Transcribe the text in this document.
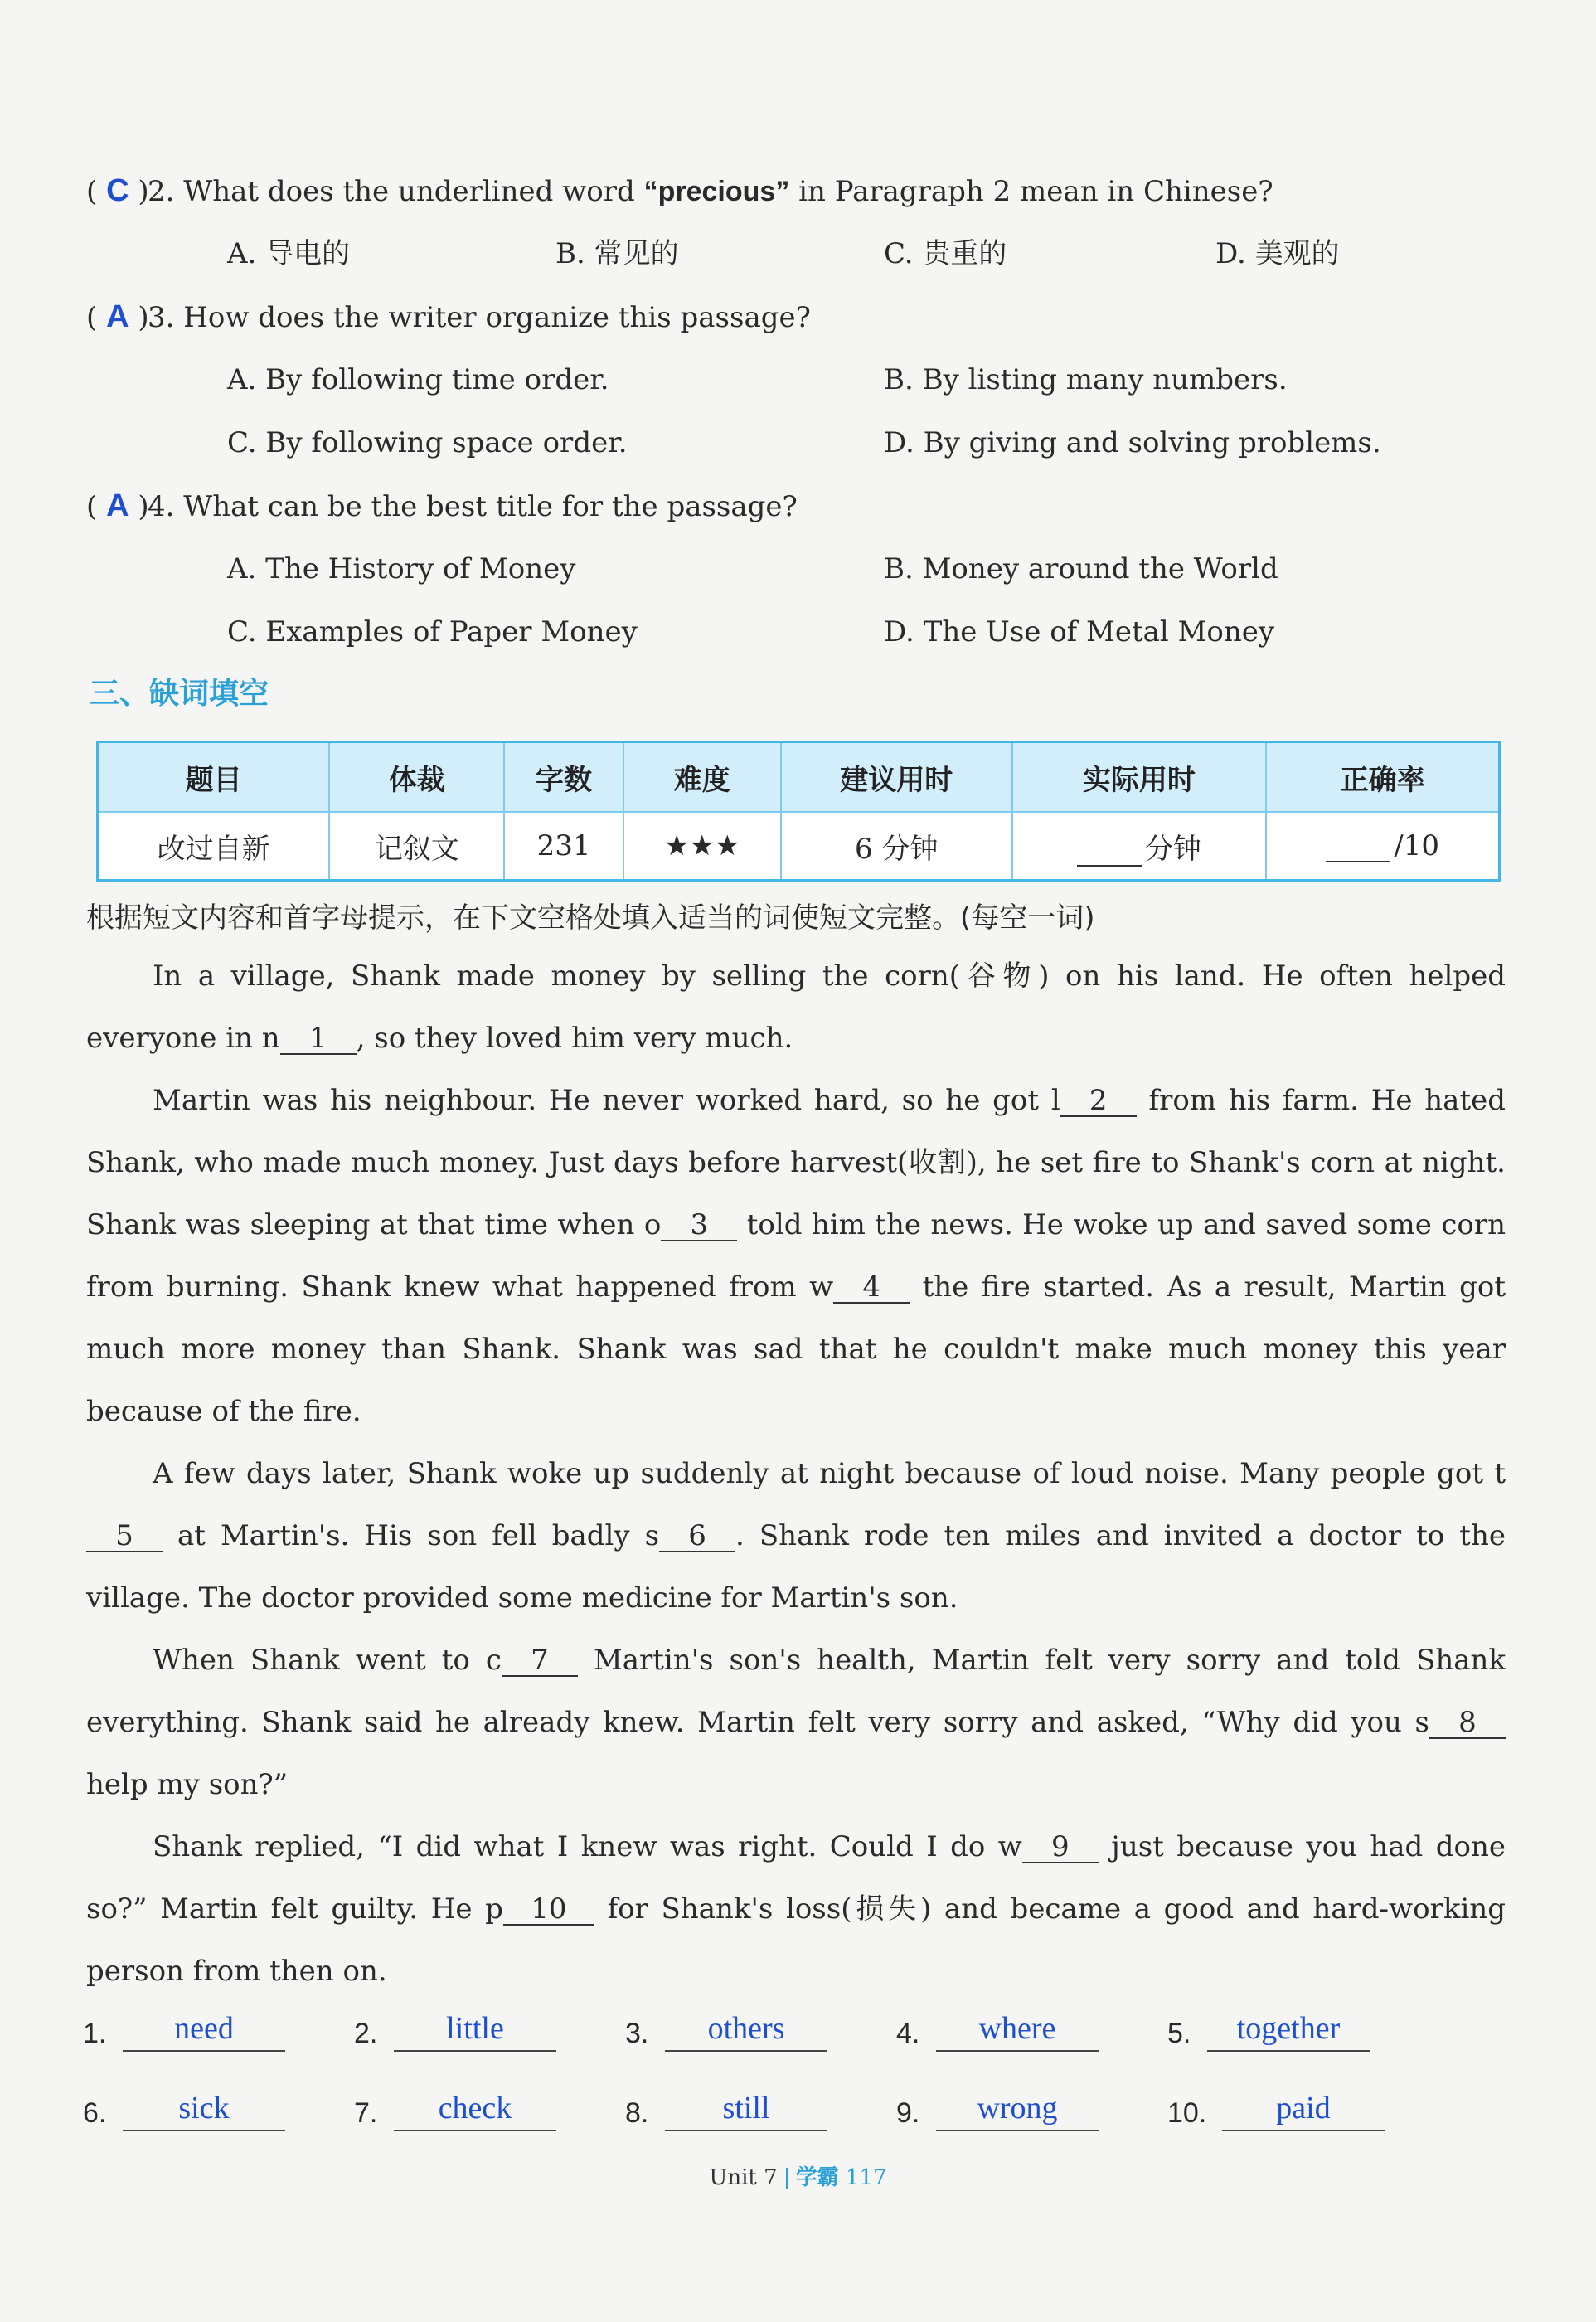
( C )2. What does the underlined word “precious” in Paragraph 2 mean in Chinese?
A. 导电的	B. 常见的	C. 贵重的	D. 美观的
( A )3. How does the writer organize this passage?
A. By following time order.	B. By listing many numbers.
C. By following space order.	D. By giving and solving problems.
( A )4. What can be the best title for the passage?
A. The History of Money	B. Money around the World
C. Examples of Paper Money	D. The Use of Metal Money
三、缺词填空
题目	体裁	字数	难度	建议用时	实际用时	正确率
改过自新	记叙文	231	★★★	6 分钟	分钟	/10
根据短文内容和首字母提示，在下文空格处填入适当的词使短文完整。(每空一词)

In a village, Shank made money by selling the corn(谷物) on his land. He often helped everyone in n 1 , so they loved him very much.

Martin was his neighbour. He never worked hard, so he got l 2 from his farm. He hated Shank, who made much money. Just days before harvest(收割), he set fire to Shank's corn at night. Shank was sleeping at that time when o 3 told him the news. He woke up and saved some corn from burning. Shank knew what happened from w 4 the fire started. As a result, Martin got much more money than Shank. Shank was sad that he couldn't make much money this year because of the fire.

A few days later, Shank woke up suddenly at night because of loud noise. Many people got t5 at Martin's. His son fell badly s 6 . Shank rode ten miles and invited a doctor to the village. The doctor provided some medicine for Martin's son.

When Shank went to c 7 Martin's son's health, Martin felt very sorry and told Shank everything. Shank said he already knew. Martin felt very sorry and asked, “Why did you s 8 help my son?”

Shank replied, “I did what I knew was right. Could I do w 9 just because you had done so?” Martin felt guilty. He p 10 for Shank's loss(损失) and became a good and hard-working person from then on.

1.	need	2.	little	3.	others	4.	where	5.	together
6.	sick	7.	check	8.	still	9.	wrong	10.	paid
Unit 7 学霸 117
